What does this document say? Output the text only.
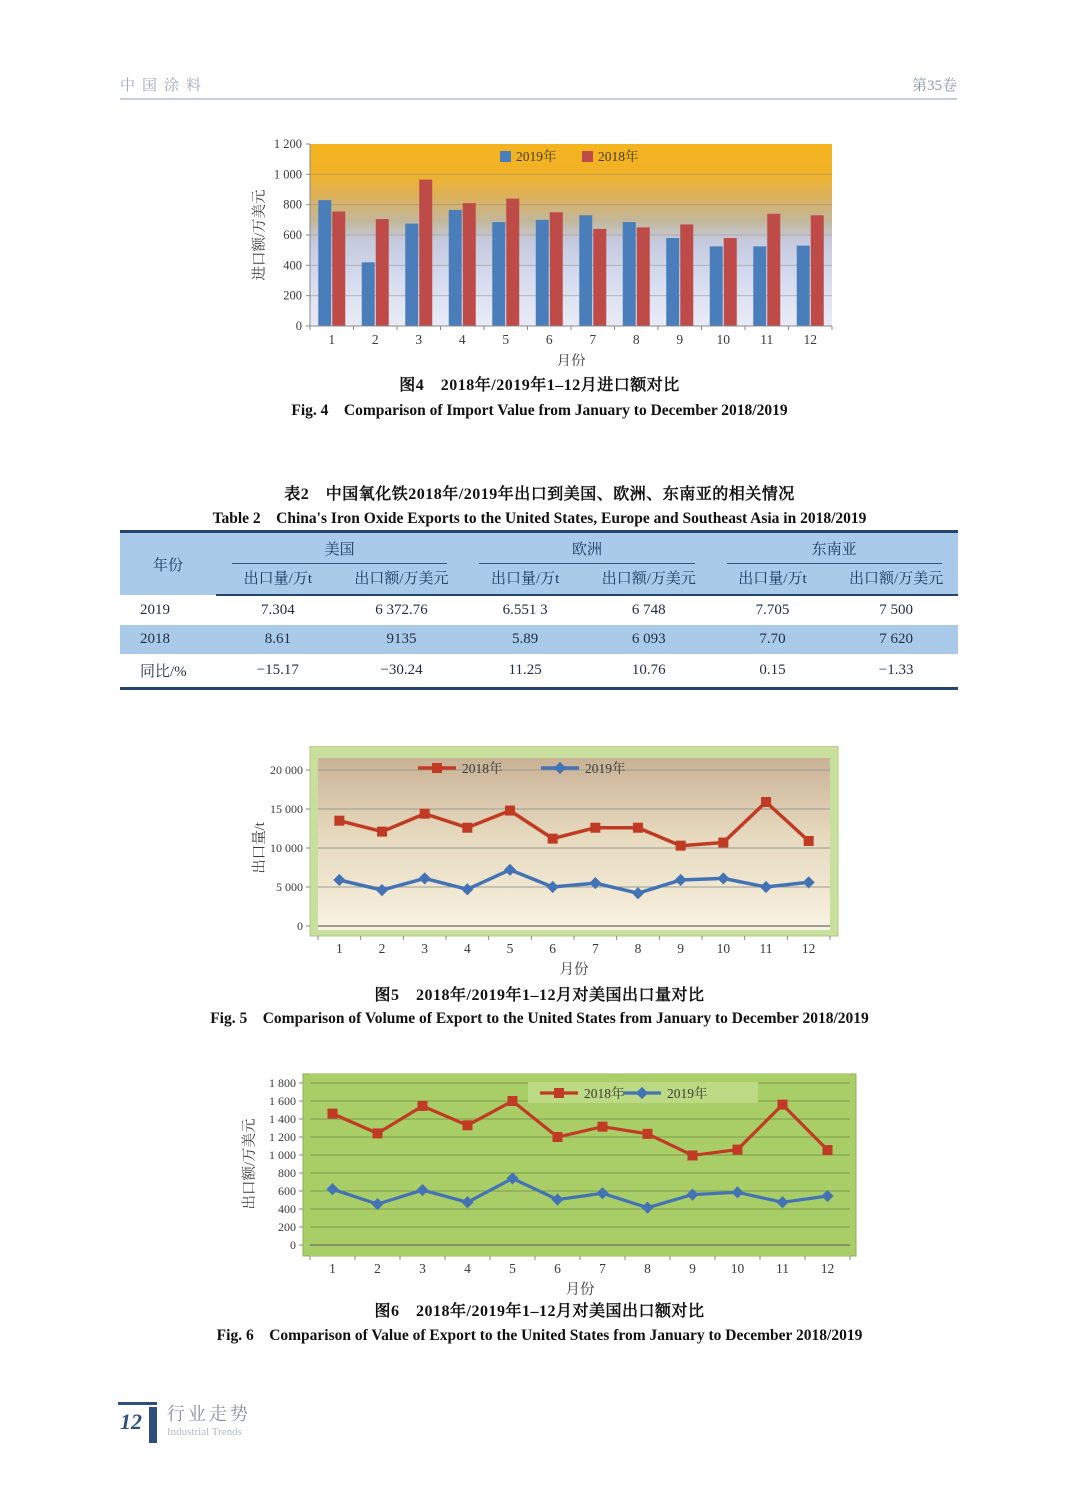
中国涂料	第35卷
0
200
400
600
800
1 000
1 200
1	2	3	4	5	6	7	8	9 10 11 12
月份
进口额/万美元
2019年	2018年
图4　2018年/2019年1–12月进口额对比
Fig. 4　Comparison of Import Value from January to December 2018/2019
表2　中国氧化铁2018年/2019年出口到美国、欧洲、东南亚的相关情况
Table 2　China's Iron Oxide Exports to the United States, Europe and Southeast Asia in 2018/2019
年份	美国		欧洲		东南亚	

	出口量/万t	出口额/万美元	出口量/万t	出口额/万美元	出口量/万t	出口额/万美元
2019	7.304	6 372.76	6.551 3	6 748	7.705	7 500
2018	8.61	9135	5.89	6 093	7.70	7 620
同比/%	−15.17	−30.24	11.25	10.76	0.15	−1.33
0
5 000
10 000
15 000
20 000
1	2	3	4	5	6	7	8	9 10 11 12
月份
出口量/t
2018年	2019年
图5　2018年/2019年1–12月对美国出口量对比
Fig. 5　Comparison of Volume of Export to the United States from January to December 2018/2019
0
200
400
600
800
1 000
1 200
1 400
1 600
1 800
1	2	3	4	5	6	7	8	9	10 11 12
月份
出口额/万美元
2018年	2019年
图6　2018年/2019年1–12月对美国出口额对比
Fig. 6　Comparison of Value of Export to the United States from January to December 2018/2019
12	行业走势
Industrial Trends
